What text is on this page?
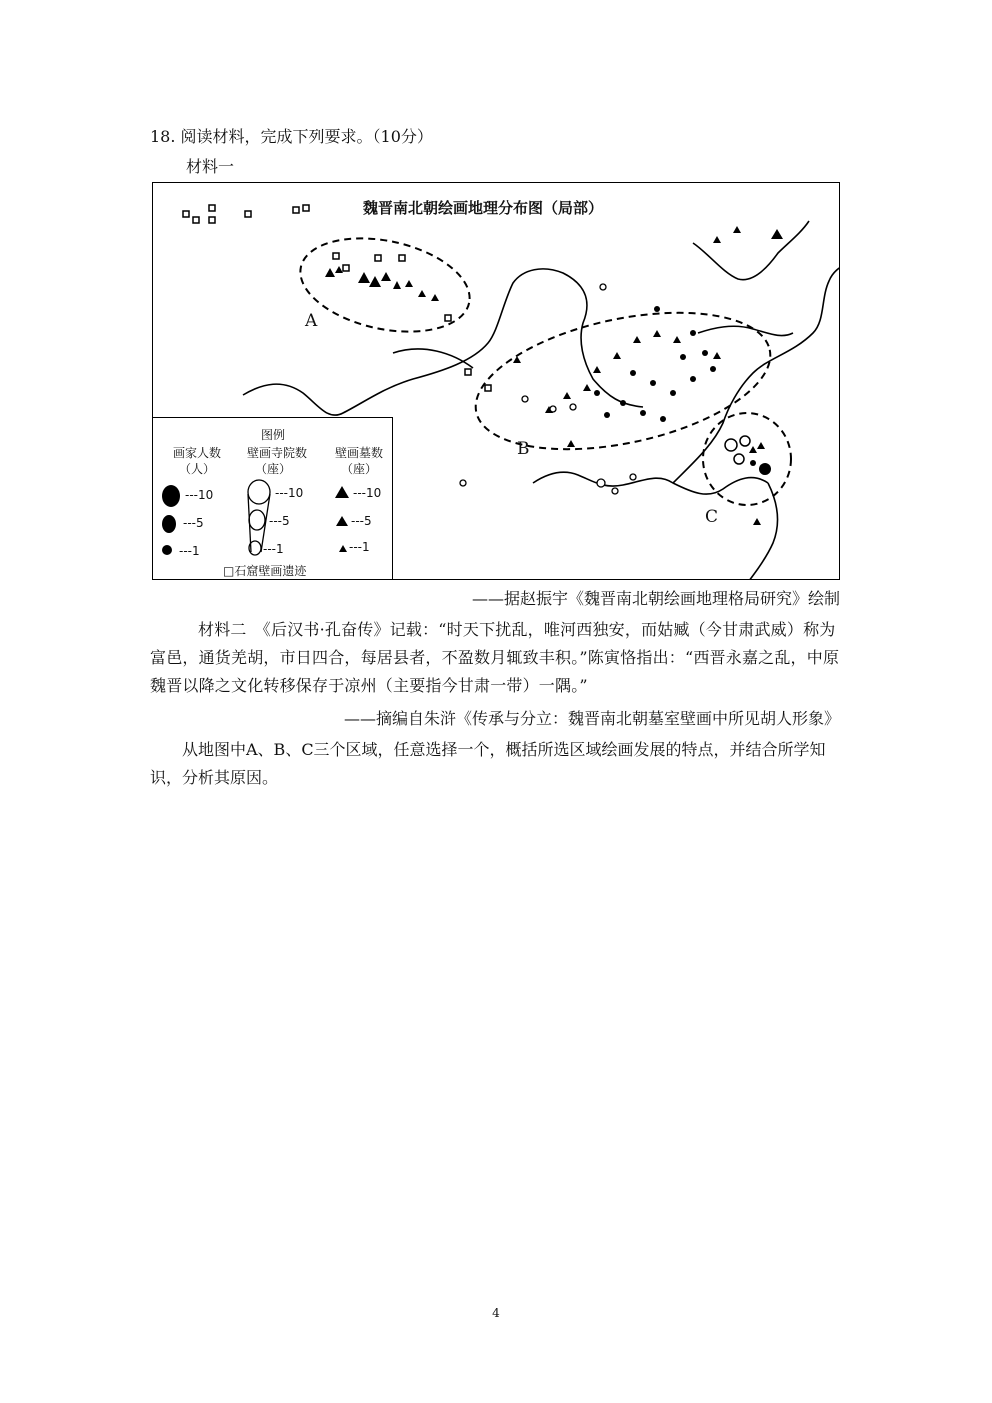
18. 阅读材料，完成下列要求。（10分）
材料一
魏晋南北朝绘画地理分布图（局部）
A
B
C
图例
画家人数
（人）
壁画寺院数
（座）
壁画墓数
（座）
---10
---5
---1
---10
---5
---1
---10
---5
---1
□石窟壁画遗迹
——据赵振宇《魏晋南北朝绘画地理格局研究》绘制
材料二　《后汉书·孔奋传》记载：“时天下扰乱，唯河西独安，而姑臧（今甘肃武威）称为富邑，通货羌胡，市日四合，每居县者，不盈数月辄致丰积。”陈寅恪指出：“西晋永嘉之乱，中原魏晋以降之文化转移保存于凉州（主要指今甘肃一带）一隅。”
——摘编自朱浒《传承与分立：魏晋南北朝墓室壁画中所见胡人形象》
从地图中A、B、C三个区域，任意选择一个，概括所选区域绘画发展的特点，并结合所学知识，分析其原因。
4
